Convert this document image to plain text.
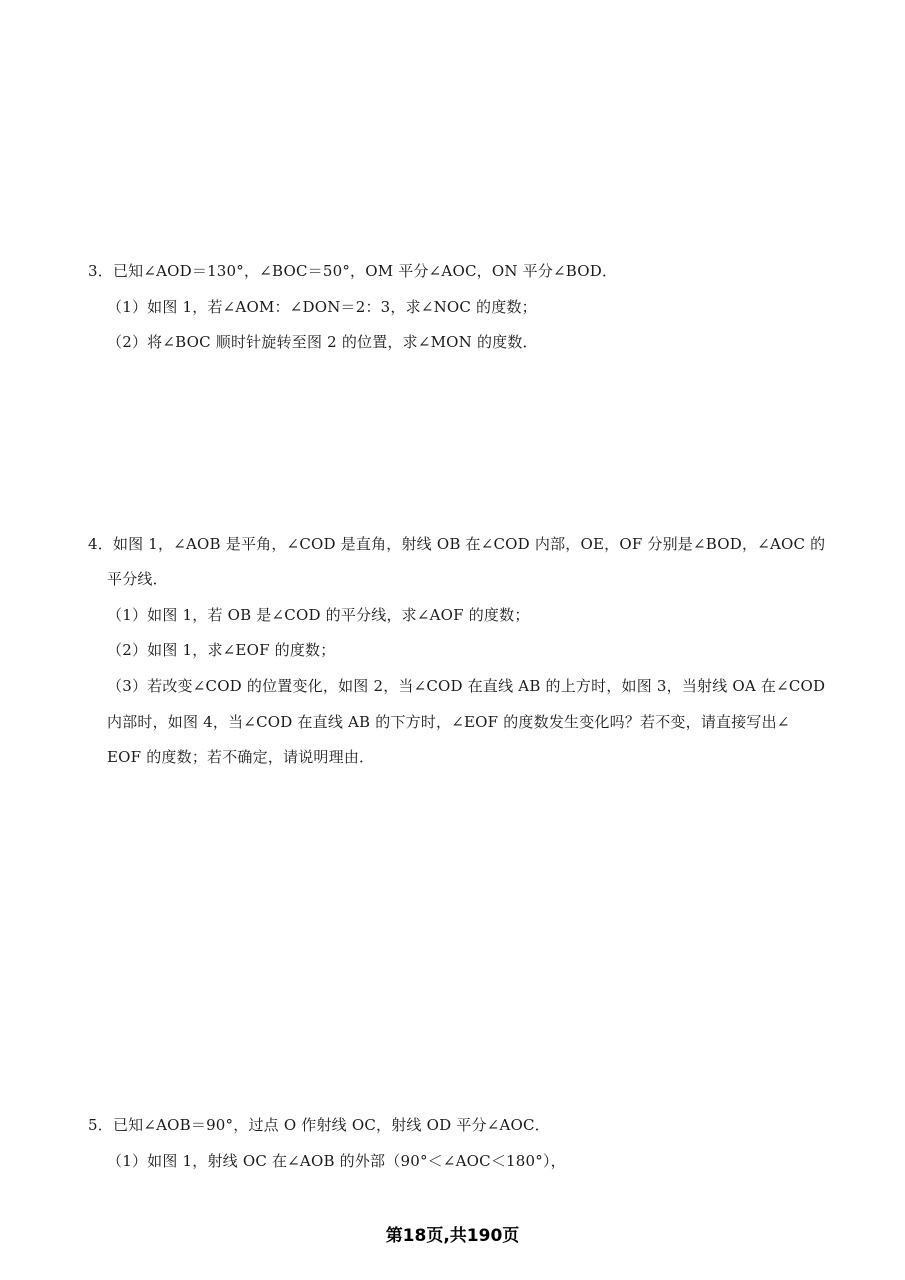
3．已知∠AOD＝130°，∠BOC＝50°，OM 平分∠AOC，ON 平分∠BOD．
（1）如图 1，若∠AOM：∠DON＝2：3，求∠NOC 的度数；
（2）将∠BOC 顺时针旋转至图 2 的位置，求∠MON 的度数．
4．如图 1，∠AOB 是平角，∠COD 是直角，射线 OB 在∠COD 内部，OE，OF 分别是∠BOD，∠AOC 的
平分线．
（1）如图 1，若 OB 是∠COD 的平分线，求∠AOF 的度数；
（2）如图 1，求∠EOF 的度数；
（3）若改变∠COD 的位置变化，如图 2，当∠COD 在直线 AB 的上方时，如图 3，当射线 OA 在∠COD
内部时，如图 4，当∠COD 在直线 AB 的下方时，∠EOF 的度数发生变化吗？若不变，请直接写出∠
EOF 的度数；若不确定，请说明理由．
5．已知∠AOB＝90°，过点 O 作射线 OC，射线 OD 平分∠AOC．
（1）如图 1，射线 OC 在∠AOB 的外部（90°＜∠AOC＜180°），
第18页,共190页
